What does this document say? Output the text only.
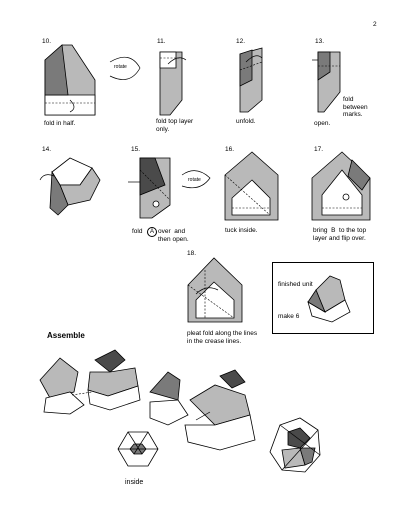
2
10.
rotate
fold in half.
11.
fold top layer
only.
12.
unfold.
13.
fold
between
marks.
open.
14.	15.
rotate
fold	A over  and
then open.
16.
tuck inside.
17.
bring  B  to the top
layer and flip over.
18.
pleat fold along the lines
in the crease lines.
finished unit
make 6
Assemble
inside
